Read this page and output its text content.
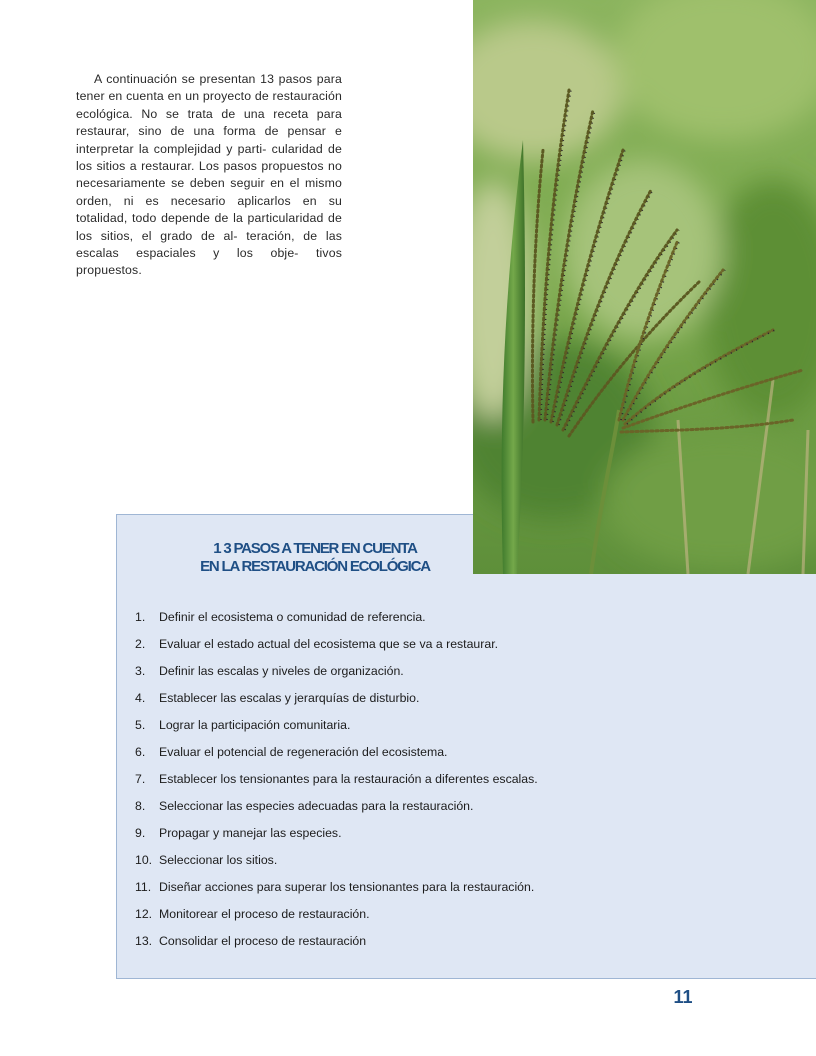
A continuación se presentan 13 pasos para tener en cuenta en un proyecto de restauración ecológica. No se trata de una receta para restaurar, sino de una forma de pensar e interpretar la complejidad y parti- cularidad de los sitios a restaurar. Los pasos propuestos no necesariamente se deben seguir en el mismo orden, ni es necesario aplicarlos en su totalidad, todo depende de la particularidad de los sitios, el grado de al- teración, de las escalas espaciales y los obje- tivos propuestos.

1 3 PASOS A TENER EN CUENTA
EN LA RESTAURACIÓN ECOLÓGICA
1.	Definir el ecosistema o comunidad de referencia.
2.	Evaluar el estado actual del ecosistema que se va a restaurar.
3.	Definir las escalas y niveles de organización.
4.	Establecer las escalas y jerarquías de disturbio.
5.	Lograr la participación comunitaria.
6.	Evaluar el potencial de regeneración del ecosistema.
7.	Establecer los tensionantes para la restauración a diferentes escalas.
8.	Seleccionar las especies adecuadas para la restauración.
9.	Propagar y manejar las especies.
10. Seleccionar los sitios.
11. Diseñar acciones para superar los tensionantes para la restauración.
12. Monitorear el proceso de restauración.
13. Consolidar el proceso de restauración
11
